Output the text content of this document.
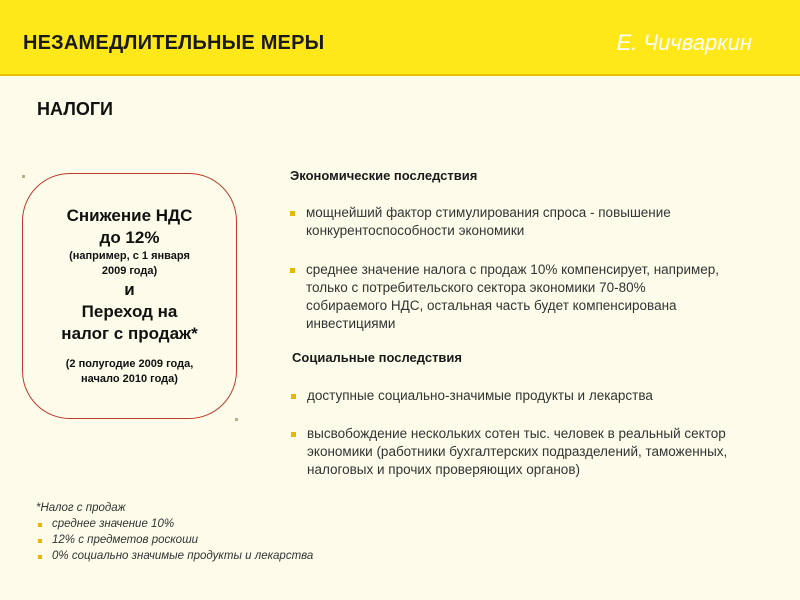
НЕЗАМЕДЛИТЕЛЬНЫЕ МЕРЫ	Е. Чичваркин
НАЛОГИ
Снижение НДС
до 12%
(например, с 1 января
2009 года)
и
Переход на
налог с продаж*
(2 полугодие 2009 года,
начало 2010 года)
Экономические последствия
мощнейший фактор стимулирования спроса - повышение
конкурентоспособности экономики
среднее значение налога с продаж 10% компенсирует, например,
только с потребительского сектора экономики 70-80%
собираемого НДС, остальная часть будет компенсирована
инвестициями
Социальные последствия
доступные социально-значимые продукты и лекарства
высвобождение нескольких сотен тыс. человек в реальный сектор
экономики (работники бухгалтерских подразделений, таможенных,
налоговых и прочих проверяющих органов)
*Налог с продаж
среднее значение 10%
12% с предметов роскоши
0% социально значимые продукты и лекарства
